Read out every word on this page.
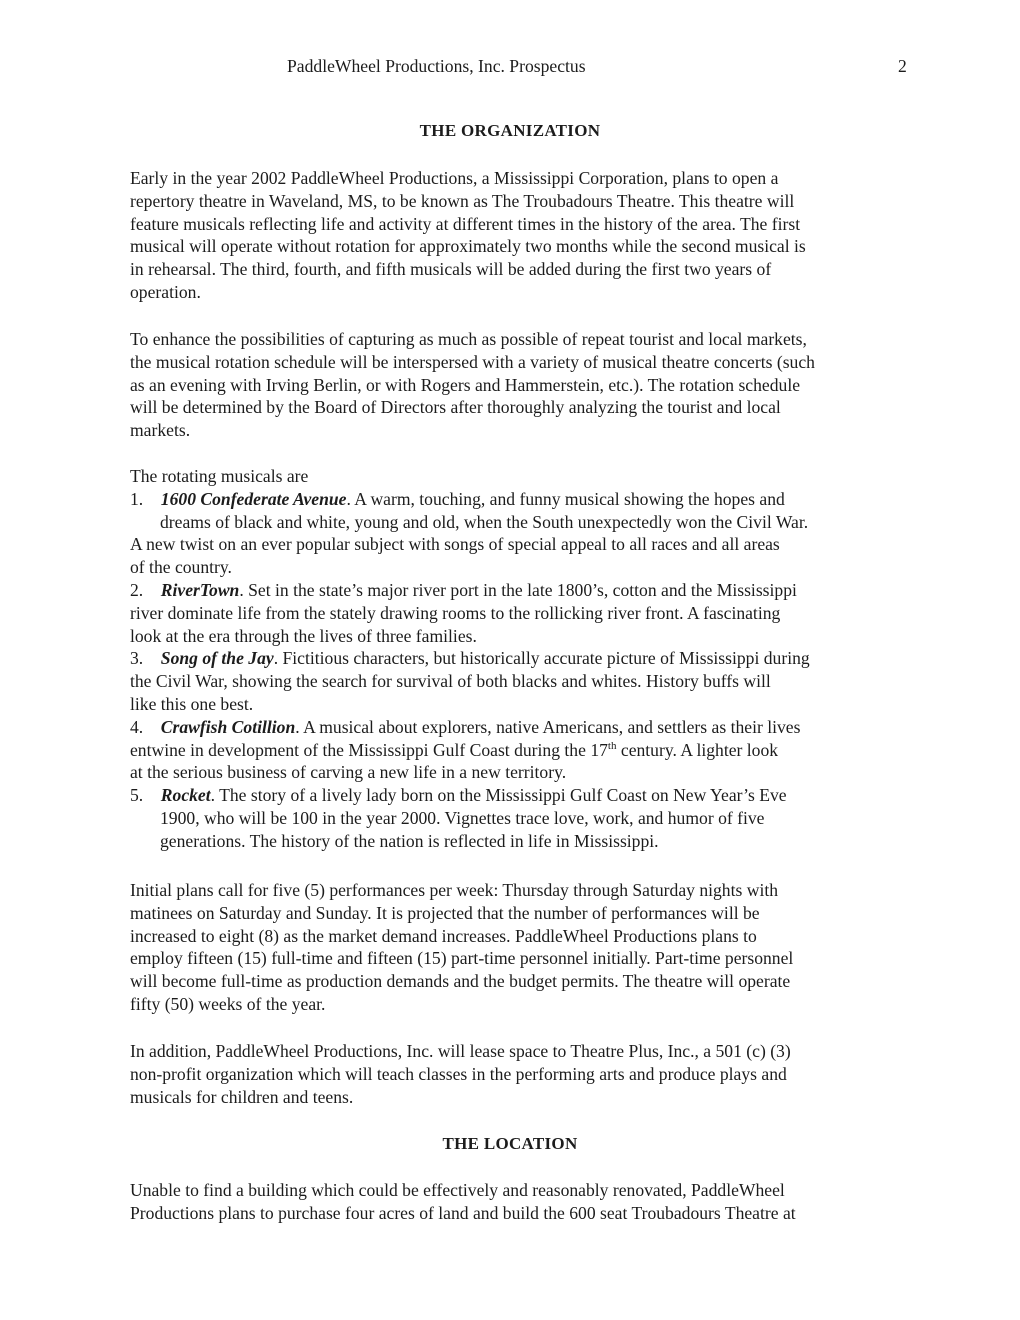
PaddleWheel Productions, Inc. Prospectus	2
THE ORGANIZATION

Early in the year 2002 PaddleWheel Productions, a Mississippi Corporation, plans to open a

repertory theatre in Waveland, MS, to be known as The Troubadours Theatre. This theatre will

feature musicals reflecting life and activity at different times in the history of the area. The first

musical will operate without rotation for approximately two months while the second musical is

in rehearsal. The third, fourth, and fifth musicals will be added during the first two years of

operation.

To enhance the possibilities of capturing as much as possible of repeat tourist and local markets,

the musical rotation schedule will be interspersed with a variety of musical theatre concerts (such

as an evening with Irving Berlin, or with Rogers and Hammerstein, etc.). The rotation schedule

will be determined by the Board of Directors after thoroughly analyzing the tourist and local

markets.

The rotating musicals are

1. 1600 Confederate Avenue. A warm, touching, and funny musical showing the hopes and

dreams of black and white, young and old, when the South unexpectedly won the Civil War.

A new twist on an ever popular subject with songs of special appeal to all races and all areas

of the country.

2. RiverTown. Set in the state’s major river port in the late 1800’s, cotton and the Mississippi

river dominate life from the stately drawing rooms to the rollicking river front. A fascinating

look at the era through the lives of three families.

3. Song of the Jay. Fictitious characters, but historically accurate picture of Mississippi during

the Civil War, showing the search for survival of both blacks and whites. History buffs will

like this one best.

4. Crawfish Cotillion. A musical about explorers, native Americans, and settlers as their lives

entwine in development of the Mississippi Gulf Coast during the 17th century. A lighter look

at the serious business of carving a new life in a new territory.

5. Rocket. The story of a lively lady born on the Mississippi Gulf Coast on New Year’s Eve

1900, who will be 100 in the year 2000. Vignettes trace love, work, and humor of five

generations. The history of the nation is reflected in life in Mississippi.

Initial plans call for five (5) performances per week: Thursday through Saturday nights with

matinees on Saturday and Sunday. It is projected that the number of performances will be

increased to eight (8) as the market demand increases. PaddleWheel Productions plans to

employ fifteen (15) full-time and fifteen (15) part-time personnel initially. Part-time personnel

will become full-time as production demands and the budget permits. The theatre will operate

fifty (50) weeks of the year.

In addition, PaddleWheel Productions, Inc. will lease space to Theatre Plus, Inc., a 501 (c) (3)

non-profit organization which will teach classes in the performing arts and produce plays and

musicals for children and teens.

THE LOCATION

Unable to find a building which could be effectively and reasonably renovated, PaddleWheel

Productions plans to purchase four acres of land and build the 600 seat Troubadours Theatre at
